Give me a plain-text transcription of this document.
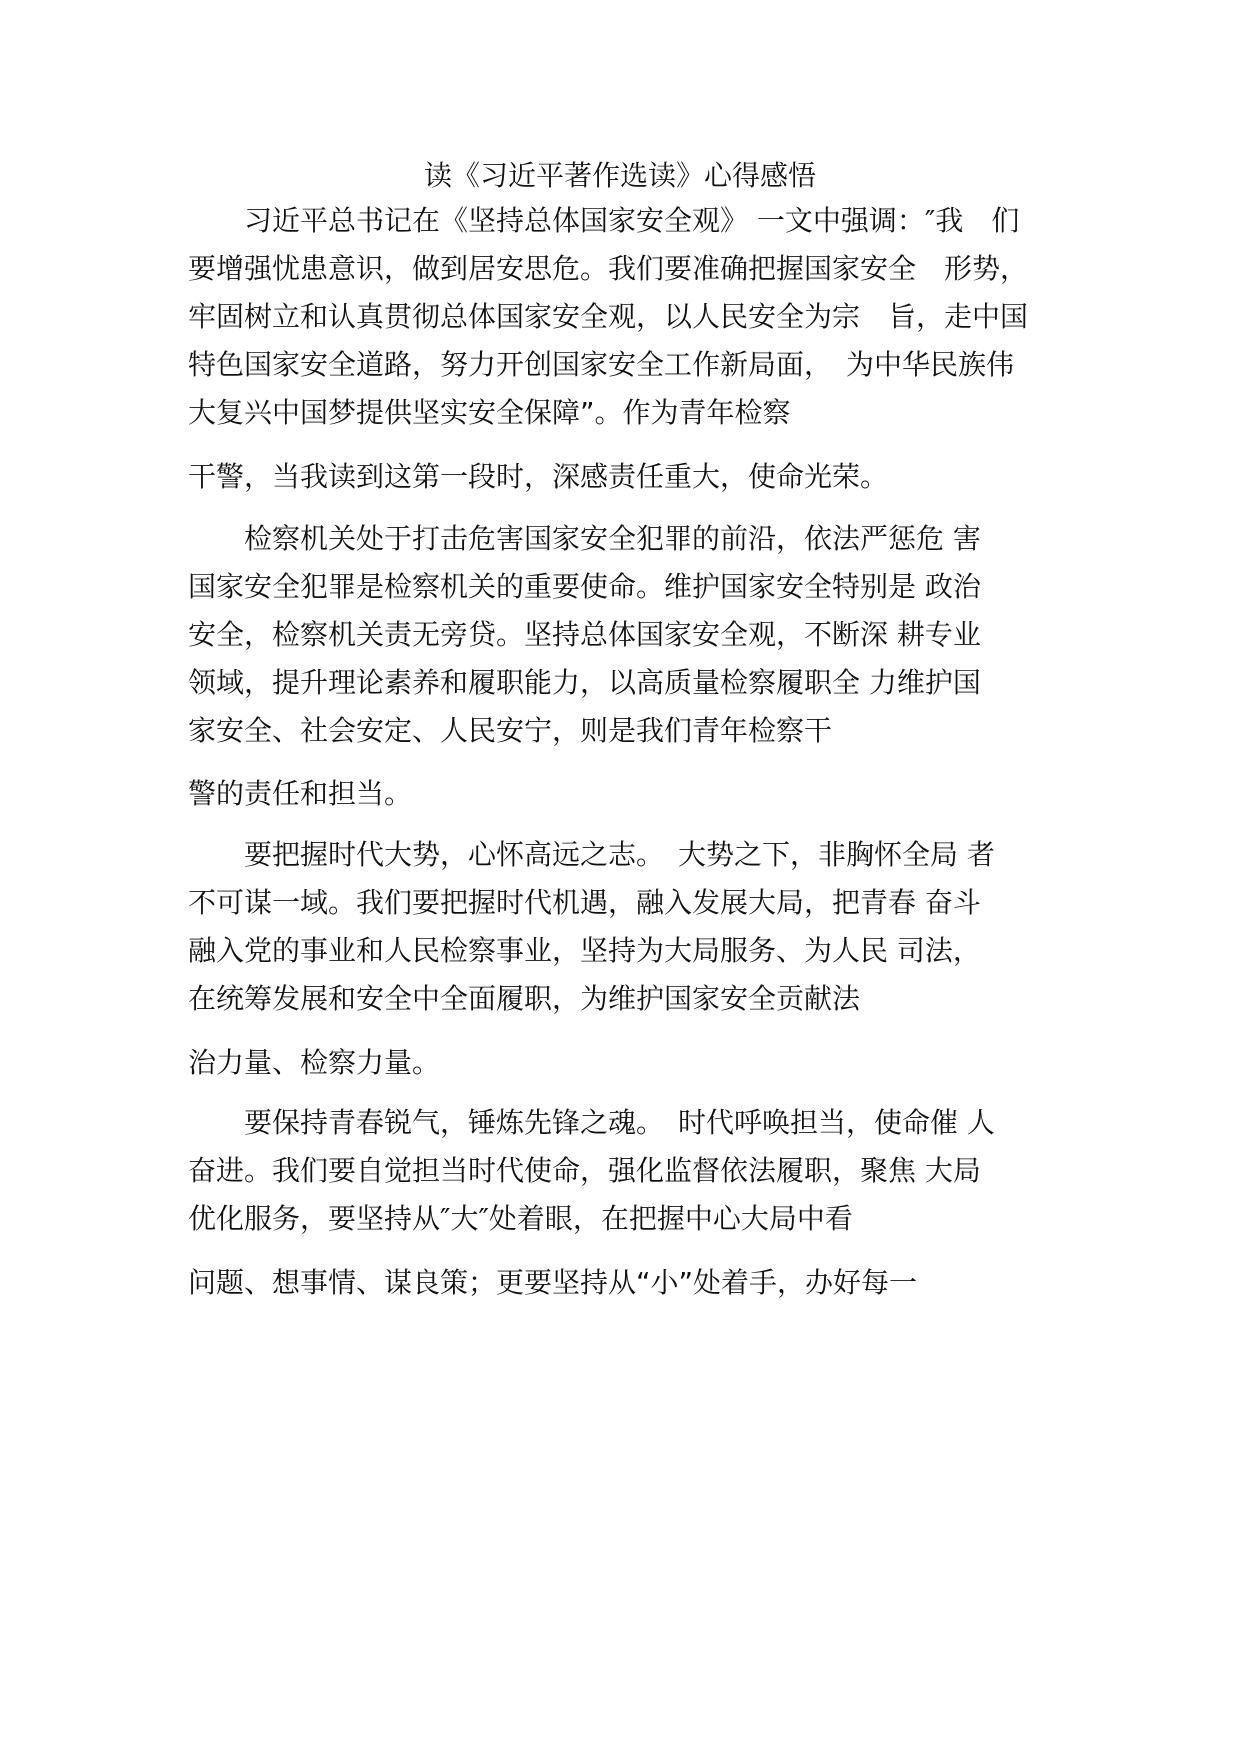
读《习近平著作选读》心得感悟
　　习近平总书记在《坚持总体国家安全观》 一文中强调：″我　们
要增强忧患意识，做到居安思危。我们要准确把握国家安全　形势，
牢固树立和认真贯彻总体国家安全观，以人民安全为宗　旨，走中国
特色国家安全道路，努力开创国家安全工作新局面，　为中华民族伟
大复兴中国梦提供坚实安全保障”。作为青年检察
干警，当我读到这第一段时，深感责任重大，使命光荣。
　　检察机关处于打击危害国家安全犯罪的前沿，依法严惩危 害
国家安全犯罪是检察机关的重要使命。维护国家安全特别是 政治
安全，检察机关责无旁贷。坚持总体国家安全观，不断深 耕专业
领域，提升理论素养和履职能力，以高质量检察履职全 力维护国
家安全、社会安定、人民安宁，则是我们青年检察干
警的责任和担当。
　　要把握时代大势，心怀高远之志。　大势之下，非胸怀全局 者
不可谋一域。我们要把握时代机遇，融入发展大局，把青春 奋斗
融入党的事业和人民检察事业，坚持为大局服务、为人民 司法，
在统筹发展和安全中全面履职，为维护国家安全贡献法
治力量、检察力量。
　　要保持青春锐气，锤炼先锋之魂。　时代呼唤担当，使命催 人
奋进。我们要自觉担当时代使命，强化监督依法履职，聚焦 大局
优化服务，要坚持从″大″处着眼，在把握中心大局中看
问题、想事情、谋良策；更要坚持从“小”处着手，办好每一
